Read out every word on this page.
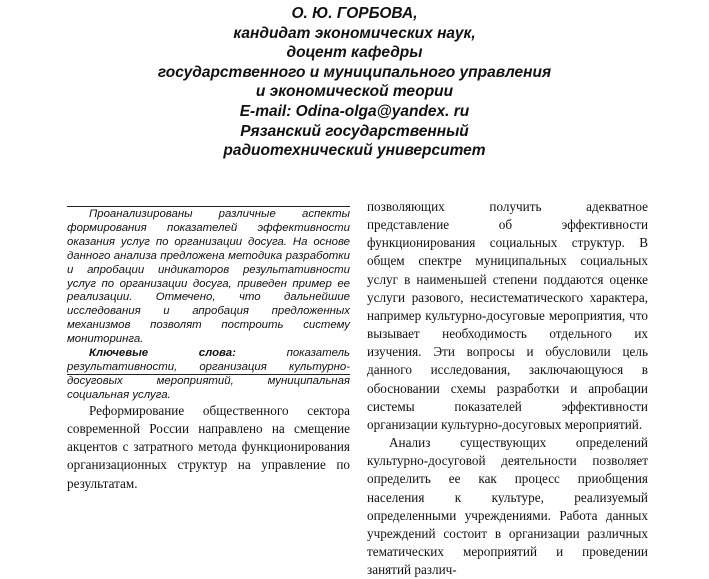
О. Ю. ГОРБОВА,
кандидат экономических наук,
доцент кафедры
государственного и муниципального управления
и экономической теории
E-mail: Odina-olga@yandex. ru
Рязанский государственный
радиотехнический университет

Проанализированы различные аспекты формирования показателей эффективности оказания услуг по организации досуга. На основе данного анализа предложена методика разработки и апробации индикаторов результативности услуг по организации досуга, приведен пример ее реализации. Отмечено, что дальнейшие исследования и апробация предложенных механизмов позволят построить систему мониторинга.

Ключевые слова: показатель результативности, организация культурно-досуговых мероприятий, муниципальная социальная услуга.

Реформирование общественного сектора современной России направлено на смещение акцентов с затратного метода функционирования организационных структур на управление по результатам.

позволяющих получить адекватное представление об эффективности функционирования социальных структур. В общем спектре муниципальных социальных услуг в наименьшей степени поддаются оценке услуги разового, несистематического характера, например культурно-досуговые мероприятия, что вызывает необходимость отдельного их изучения. Эти вопросы и обусловили цель данного исследования, заключающуюся в обосновании схемы разработки и апробации системы показателей эффективности организации культурно-досуговых мероприятий.

Анализ существующих определений культурно-досуговой деятельности позволяет определить ее как процесс приобщения населения к культуре, реализуемый определенными учреждениями. Работа данных учреждений состоит в организации различных тематических мероприятий и проведении занятий различ-
